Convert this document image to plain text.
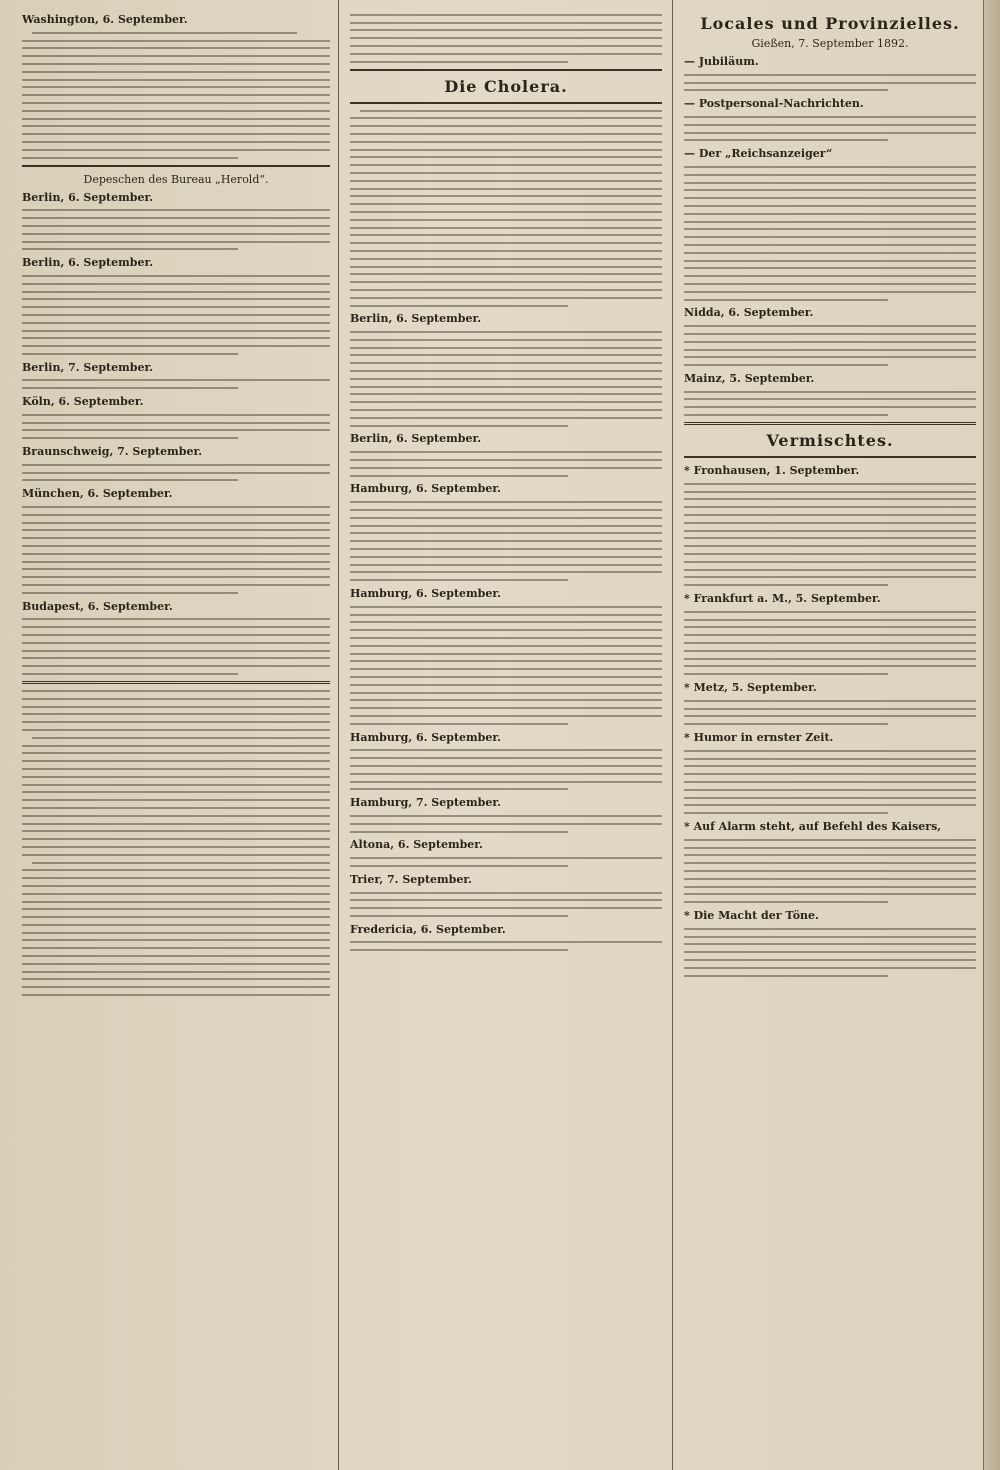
Washington, 6. September.
Depeschen des Bureau „Herold“.
Berlin, 6. September.
Berlin, 6. September.
Berlin, 7. September.
Köln, 6. September.
Braunschweig, 7. September.
München, 6. September.
Budapest, 6. September.
Die Cholera.
Berlin, 6. September.
Berlin, 6. September.
Hamburg, 6. September.
Hamburg, 6. September.
Hamburg, 6. September.
Hamburg, 7. September.
Altona, 6. September.
Trier, 7. September.
Fredericia, 6. September.
Locales und Provinzielles.
Gießen, 7. September 1892.
— Jubiläum.
— Postpersonal-Nachrichten.
— Der „Reichsanzeiger“
Nidda, 6. September.
Mainz, 5. September.
Vermischtes.
* Fronhausen, 1. September.
* Frankfurt a. M., 5. September.
* Metz, 5. September.
* Humor in ernster Zeit.
* Auf Alarm steht, auf Befehl des Kaisers,
* Die Macht der Töne.
